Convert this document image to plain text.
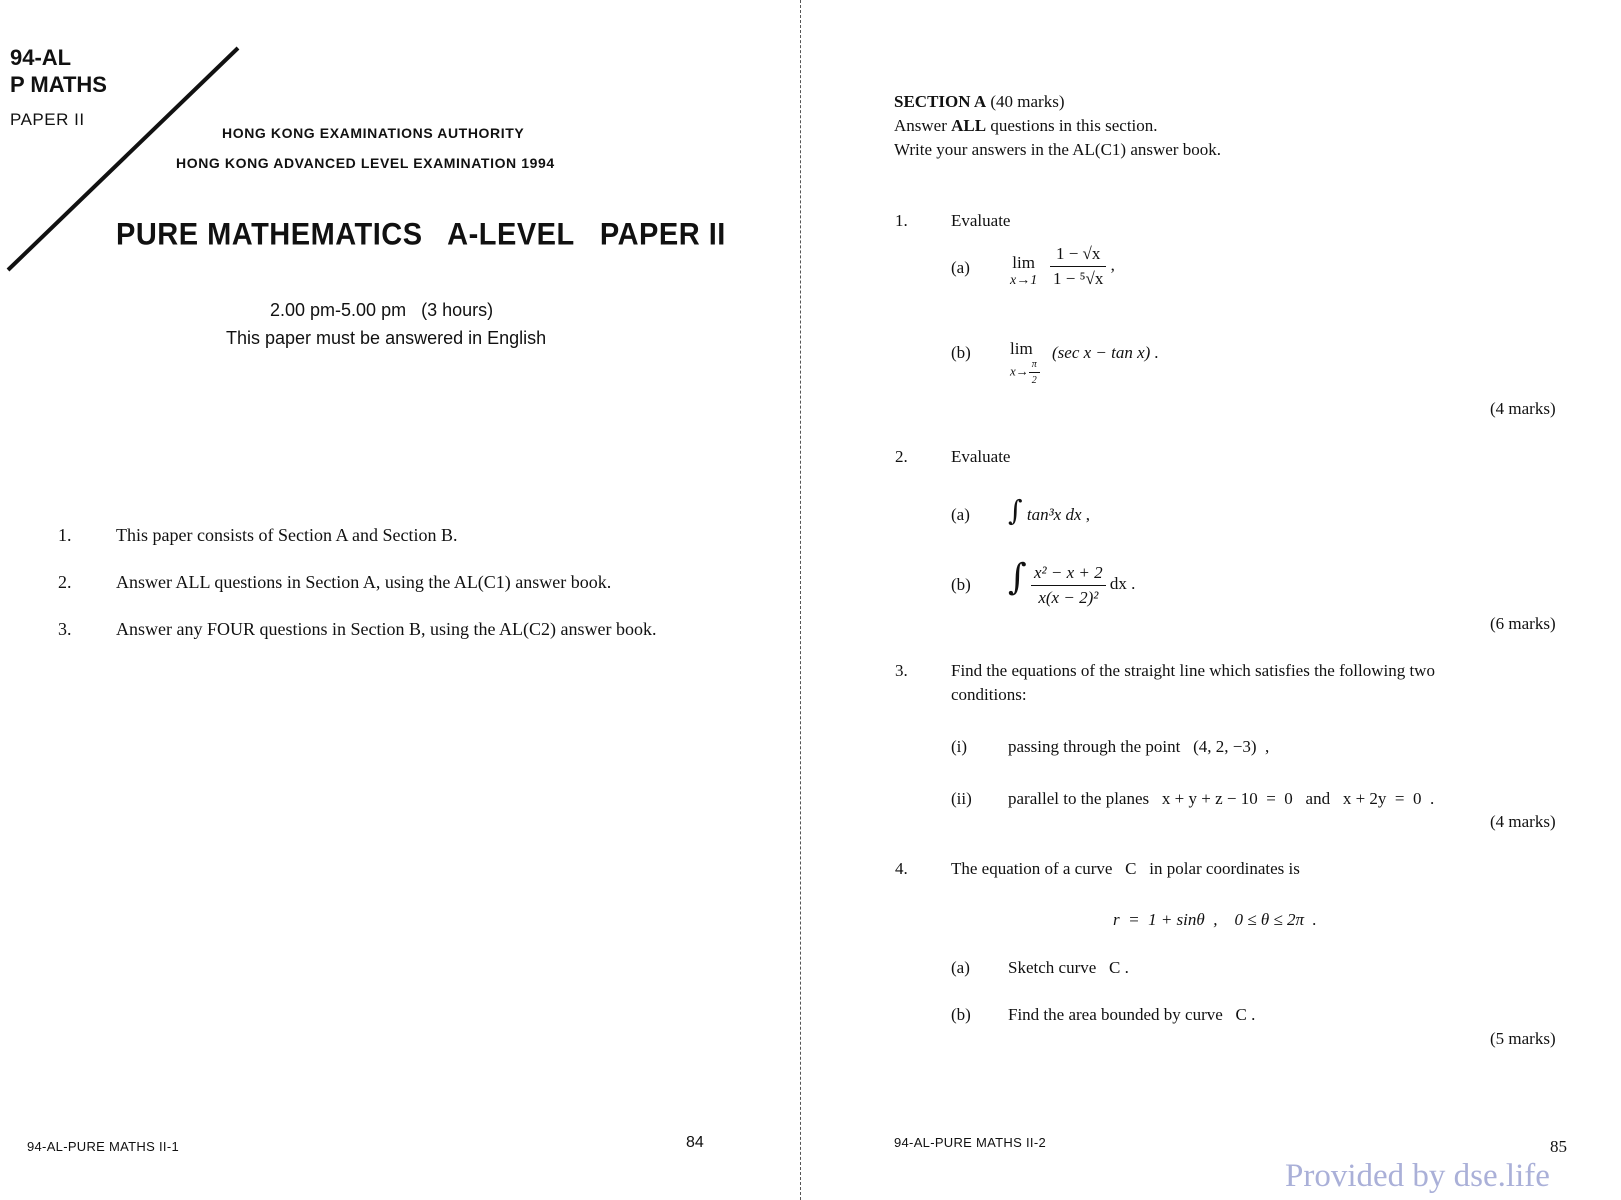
94-AL
P MATHS
PAPER II
HONG KONG EXAMINATIONS AUTHORITY
HONG KONG ADVANCED LEVEL EXAMINATION 1994
PURE MATHEMATICS   A-LEVEL   PAPER II
2.00 pm-5.00 pm   (3 hours)
This paper must be answered in English
1. This paper consists of Section A and Section B.
2. Answer ALL questions in Section A, using the AL(C1) answer book.
3. Answer any FOUR questions in Section B, using the AL(C2) answer book.
94-AL-PURE MATHS II-1	84
SECTION A (40 marks)
Answer ALL questions in this section.
Write your answers in the AL(C1) answer book.
1.	Evaluate
(a) lim
$x\to 1 \frac{1 - √x}{\text{1 − ⁵√x}}$ ,
(b) lim
$x\to \frac{\pi}{2}$
(sec x − tan x) .
(4 marks)
2.	Evaluate
(a) ∫ tan³x dx ,
(b) ∫ $\frac{\text{x² − x + 2}}{\text{x(x − 2)²}}$ dx .
(6 marks)
3.	Find the equations of the straight line which satisfies the following two
conditions:
(i) passing through the point   (4, 2, −3)  ,
(ii) parallel to the planes   x + y + z − 10  =  0   and   x + 2y  =  0  .
(4 marks)
4.	The equation of a curve   C   in polar coordinates is
r  =  1 + sinθ  ,    0 ≤ θ ≤ 2π  .
(a) Sketch curve   C .
(b) Find the area bounded by curve   C .
(5 marks)
94-AL-PURE MATHS II-2	85
Provided by dse.life
